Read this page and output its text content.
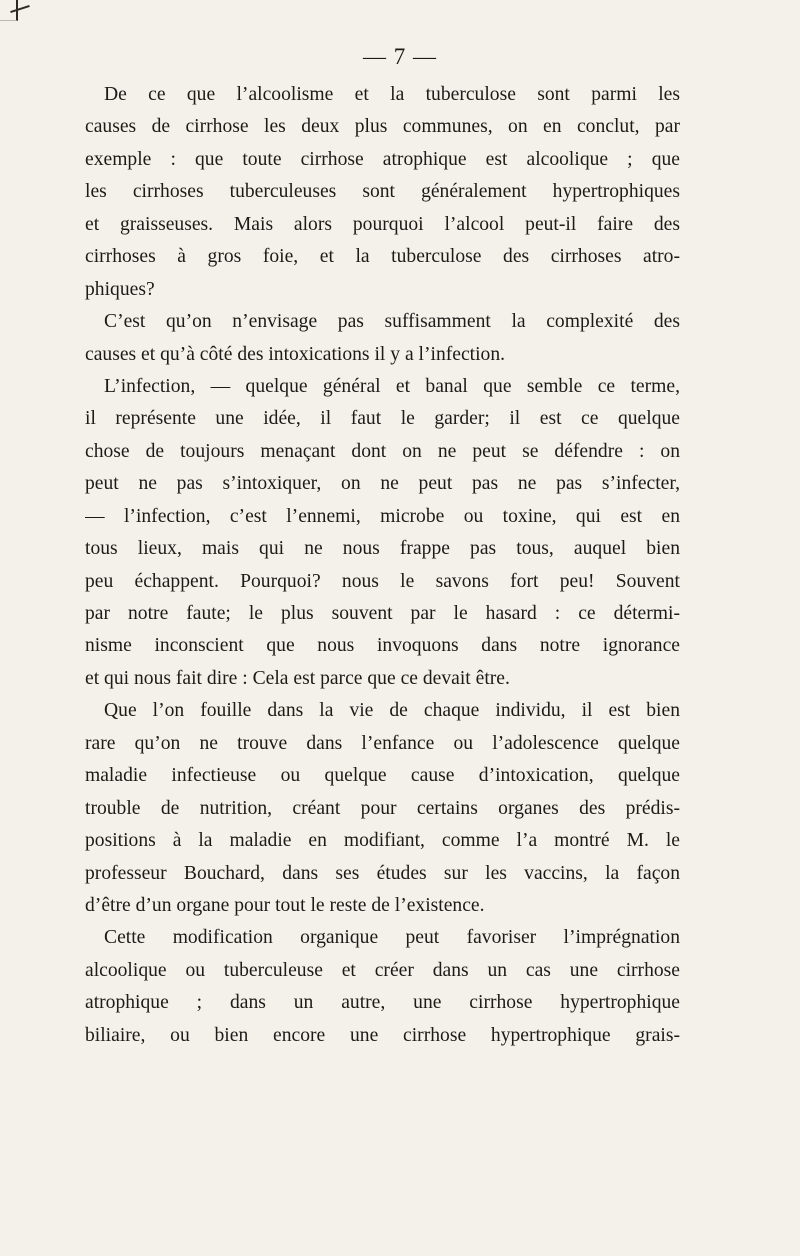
— 7 —
De ce que l’alcoolisme et la tuberculose sont parmi les
causes de cirrhose les deux plus communes, on en conclut, par
exemple : que toute cirrhose atrophique est alcoolique ; que
les cirrhoses tuberculeuses sont généralement hypertrophiques
et graisseuses. Mais alors pourquoi l’alcool peut-il faire des
cirrhoses à gros foie, et la tuberculose des cirrhoses atro-
phiques?
C’est qu’on n’envisage pas suffisamment la complexité des
causes et qu’à côté des intoxications il y a l’infection.
L’infection, — quelque général et banal que semble ce terme,
il représente une idée, il faut le garder; il est ce quelque
chose de toujours menaçant dont on ne peut se défendre : on
peut ne pas s’intoxiquer, on ne peut pas ne pas s’infecter,
— l’infection, c’est l’ennemi, microbe ou toxine, qui est en
tous lieux, mais qui ne nous frappe pas tous, auquel bien
peu échappent. Pourquoi? nous le savons fort peu! Souvent
par notre faute; le plus souvent par le hasard : ce détermi-
nisme inconscient que nous invoquons dans notre ignorance
et qui nous fait dire : Cela est parce que ce devait être.
Que l’on fouille dans la vie de chaque individu, il est bien
rare qu’on ne trouve dans l’enfance ou l’adolescence quelque
maladie infectieuse ou quelque cause d’intoxication, quelque
trouble de nutrition, créant pour certains organes des prédis-
positions à la maladie en modifiant, comme l’a montré M. le
professeur Bouchard, dans ses études sur les vaccins, la façon
d’être d’un organe pour tout le reste de l’existence.
Cette modification organique peut favoriser l’imprégnation
alcoolique ou tuberculeuse et créer dans un cas une cirrhose
atrophique ; dans un autre, une cirrhose hypertrophique
biliaire, ou bien encore une cirrhose hypertrophique grais-
